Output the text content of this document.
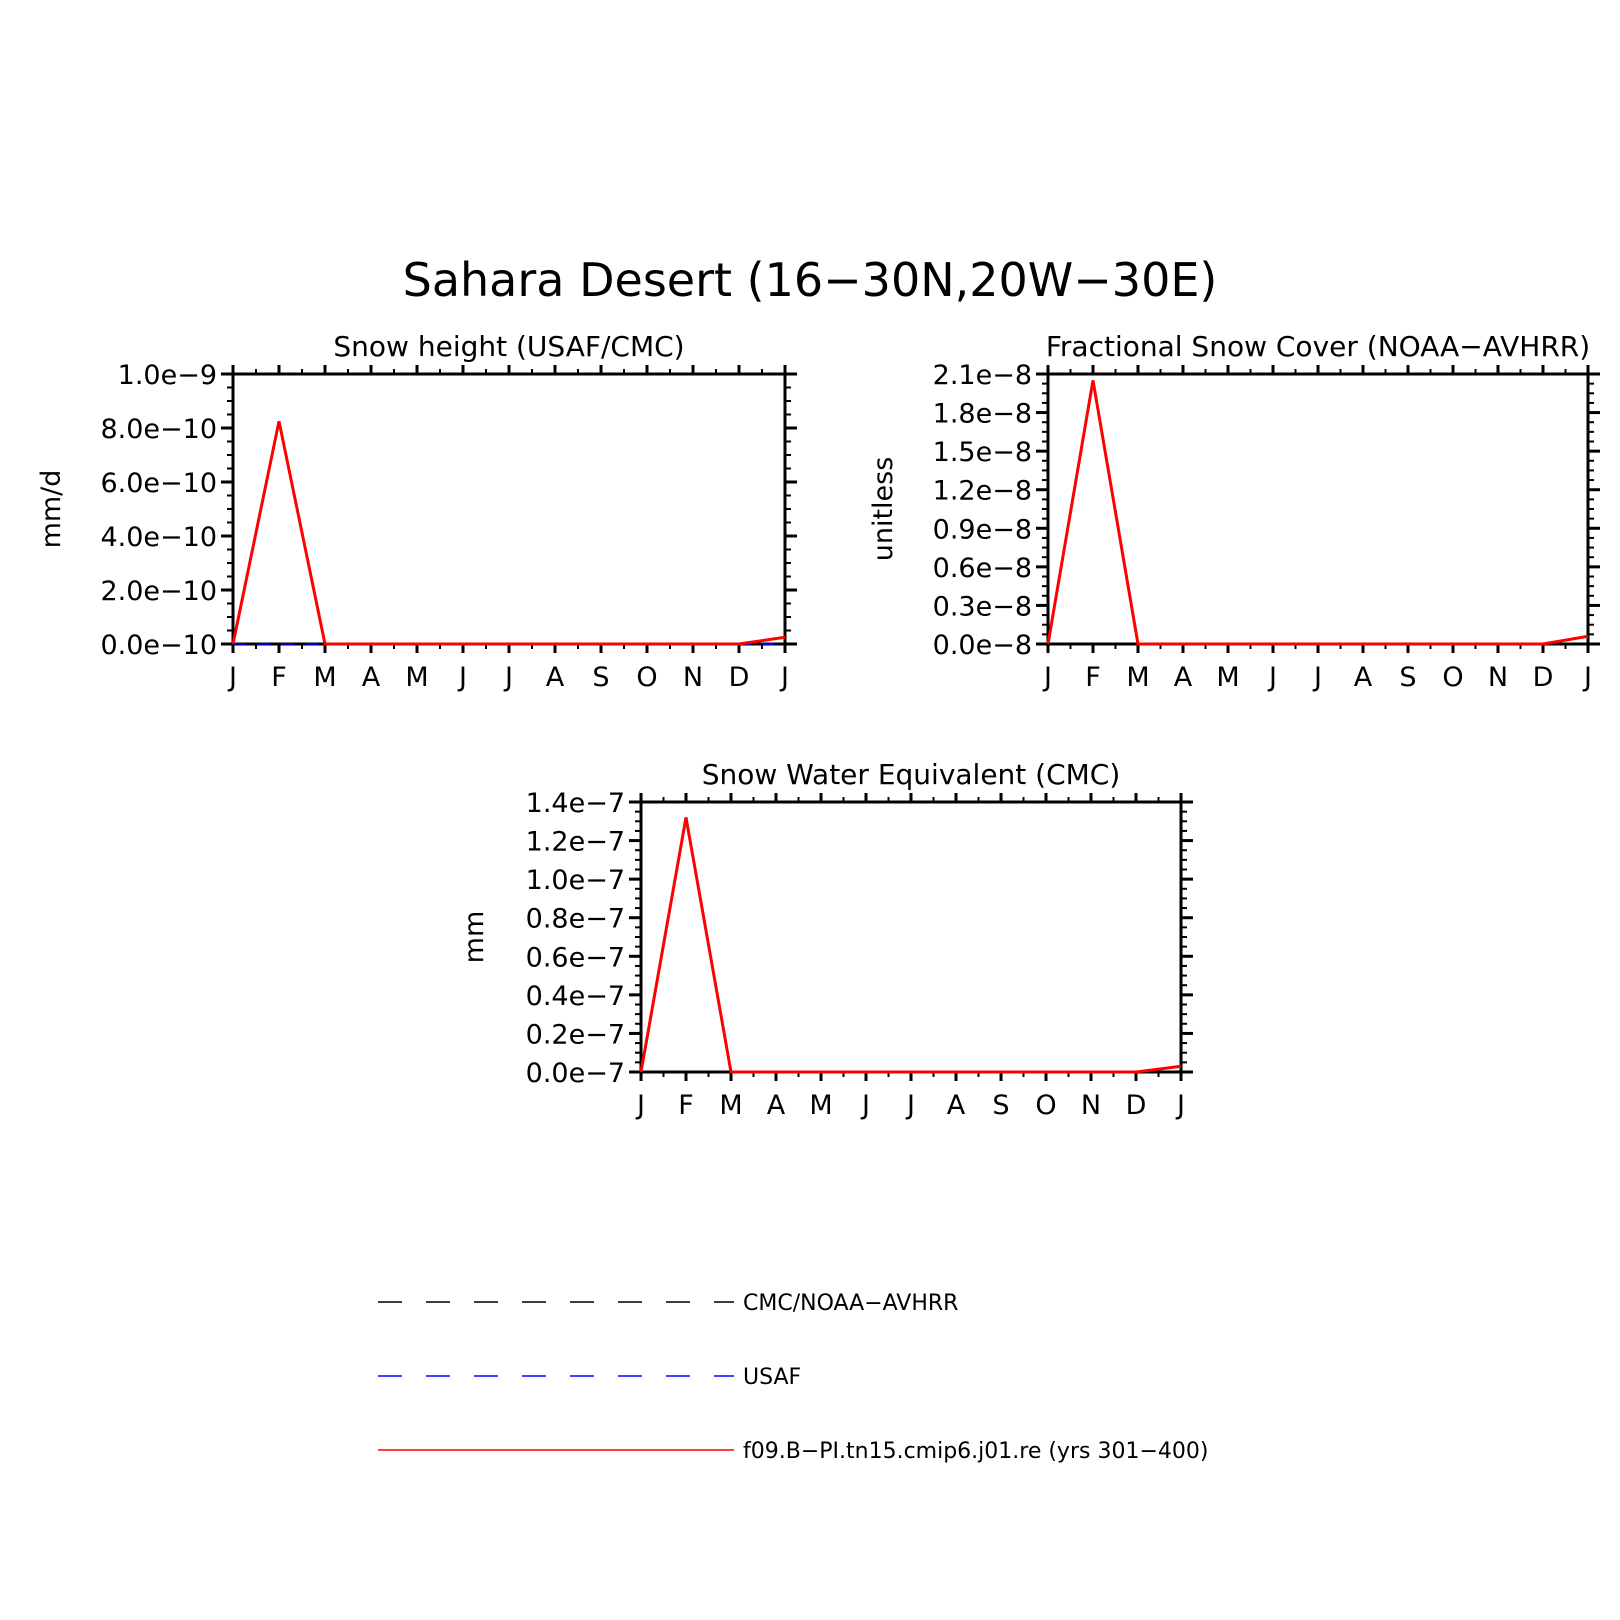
Sahara Desert (16−30N,20W−30E)
Snow height (USAF/CMC)
mm/d
J F M A M J J A S O N D J
0.0e−10
2.0e−10
4.0e−10
6.0e−10
8.0e−10
1.0e−9
Fractional Snow Cover (NOAA−AVHRR)
unitless
J F M A M J J A S O N D J
0.0e−8
0.3e−8
0.6e−8
0.9e−8
1.2e−8
1.5e−8
1.8e−8
2.1e−8
Snow Water Equivalent (CMC)
mm
J F M A M J J A S O N D J
0.0e−7
0.2e−7
0.4e−7
0.6e−7
0.8e−7
1.0e−7
1.2e−7
1.4e−7
CMC/NOAA−AVHRR
USAF
f09.B−PI.tn15.cmip6.j01.re (yrs 301−400)
